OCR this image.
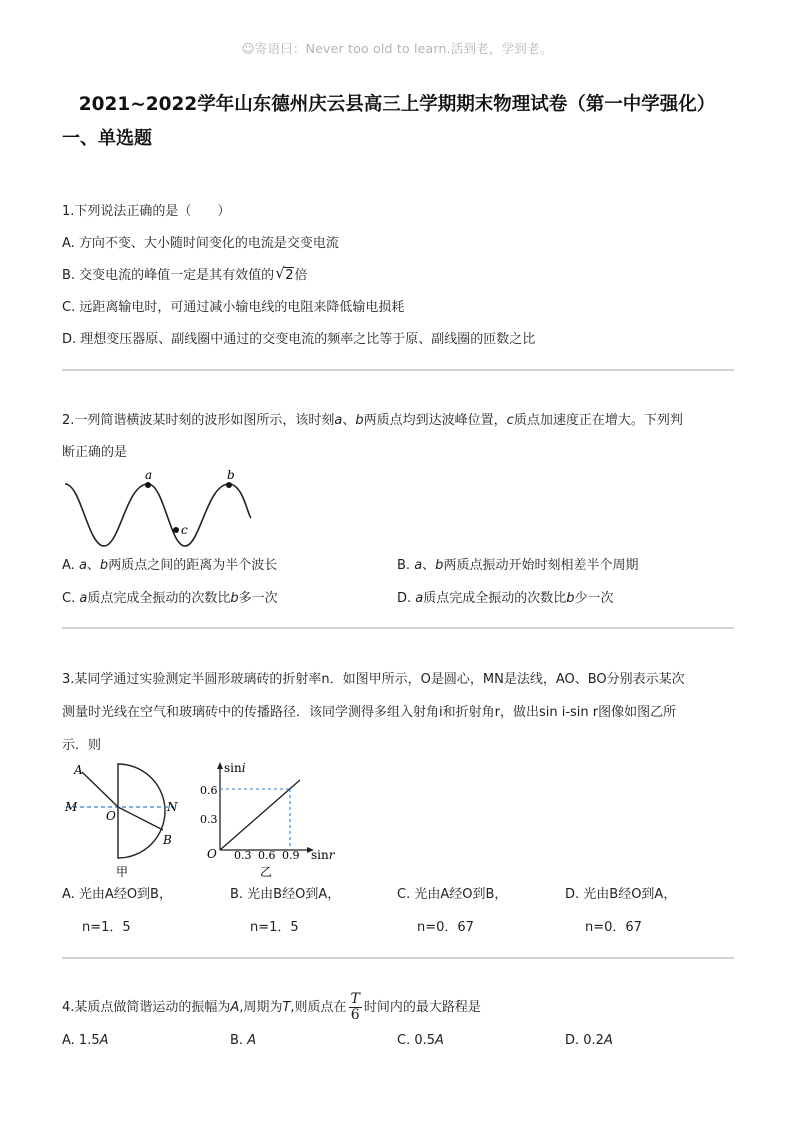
☺寄语曰：Never too old to learn.活到老，学到老。
2021~2022学年山东德州庆云县高三上学期期末物理试卷（第一中学强化）
一、单选题
1.下列说法正确的是（　　）
A. 方向不变、大小随时间变化的电流是交变电流
B. 交变电流的峰值一定是其有效值的 √ 2倍
C. 远距离输电时，可通过减小输电线的电阻来降低输电损耗
D. 理想变压器原、副线圈中通过的交变电流的频率之比等于原、副线圈的匝数之比
2.一列简谐横波某时刻的波形如图所示，该时刻a、b两质点均到达波峰位置，c质点加速度正在增大。下列判
断正确的是
a	b
c
A. a、b两质点之间的距离为半个波长	B. a、b两质点振动开始时刻相差半个周期
C. a质点完成全振动的次数比b多一次	D. a质点完成全振动的次数比b少一次
3.某同学通过实验测定半圆形玻璃砖的折射率n．如图甲所示，O是圆心，MN是法线，AO、BO分别表示某次
测量时光线在空气和玻璃砖中的传播路径．该同学测得多组入射角i和折射角r，做出sin i-sin r图像如图乙所
示．则
A
B
M	N
O
甲
sini
0.6
0.3
O 0.3 0.6 0.9 sinr
乙
A. 光由A经O到B，
n=1．5
B. 光由B经O到A，
n=1．5
C. 光由A经O到B，
n=0．67
D. 光由B经O到A，
n=0．67
4.某质点做简谐运动的振幅为A,周期为T,则质点在 $\frac{T}{6}$ 时间内的最大路程是
A. 1.5A	B. A	C. 0.5A	D. 0.2A
